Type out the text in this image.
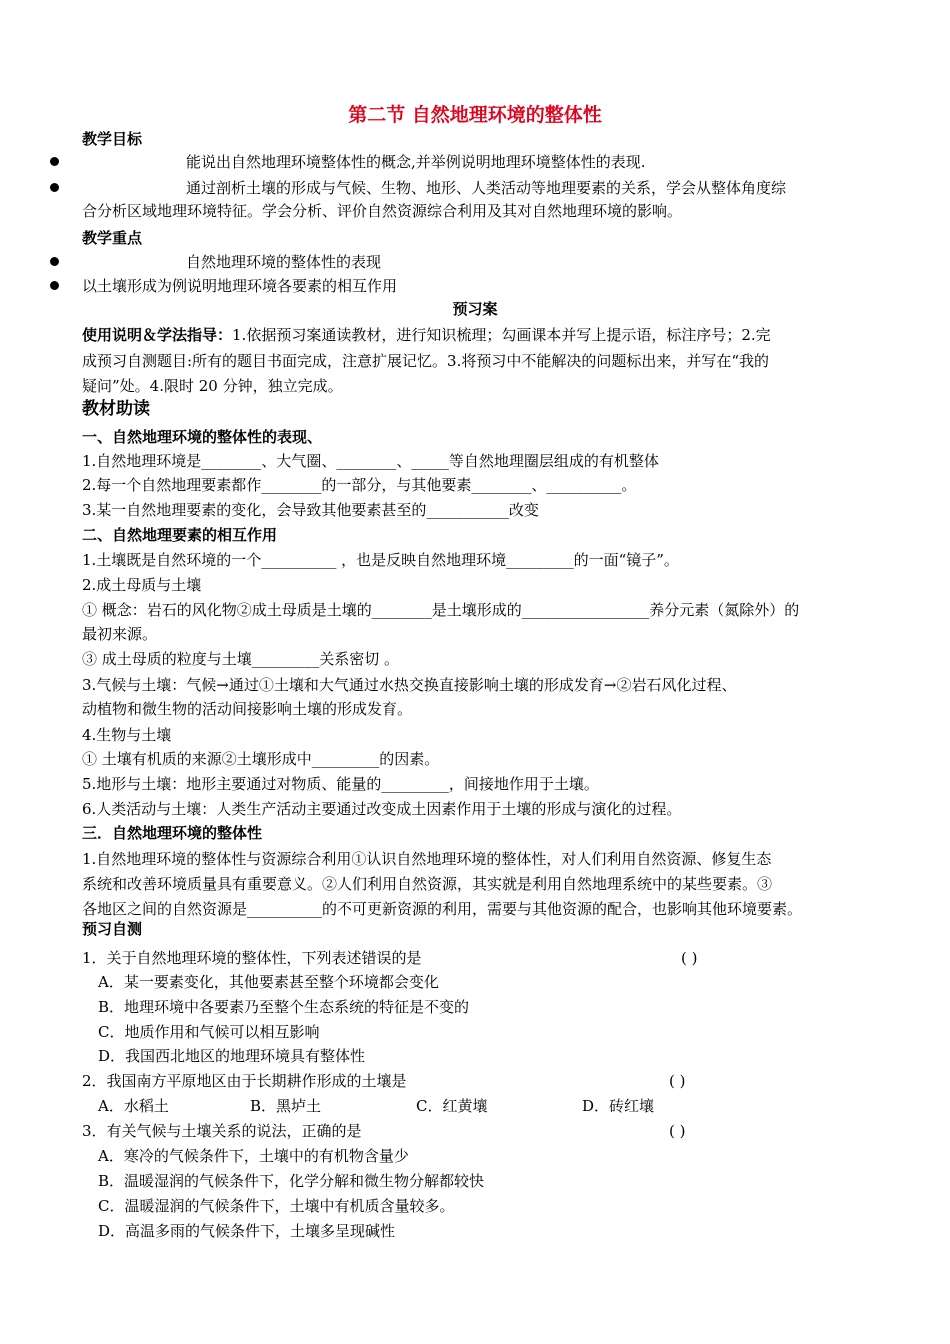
第二节 自然地理环境的整体性
教学目标
能说出自然地理环境整体性的概念,并举例说明地理环境整体性的表现.
通过剖析土壤的形成与气候、生物、地形、人类活动等地理要素的关系，学会从整体角度综
合分析区域地理环境特征。学会分析、评价自然资源综合利用及其对自然地理环境的影响。
教学重点
自然地理环境的整体性的表现
以土壤形成为例说明地理环境各要素的相互作用
预习案
使用说明＆学法指导：1.依据预习案通读教材，进行知识梳理；勾画课本并写上提示语，标注序号；2.完
成预习自测题目:所有的题目书面完成，注意扩展记忆。3.将预习中不能解决的问题标出来，并写在“我的
疑问”处。4.限时 20 分钟，独立完成。
教材助读
一、自然地理环境的整体性的表现、
1.自然地理环境是________、大气圈、________、_____等自然地理圈层组成的有机整体
2.每一个自然地理要素都作________的一部分，与其他要素________、__________。
3.某一自然地理要素的变化，会导致其他要素甚至的___________改变
二、自然地理要素的相互作用
1.土壤既是自然环境的一个__________ ，也是反映自然地理环境_________的一面“镜子”。
2.成土母质与土壤
① 概念：岩石的风化物②成土母质是土壤的________是土壤形成的_________________养分元素（氮除外）的
最初来源。
③ 成土母质的粒度与土壤_________关系密切 。
3.气候与土壤：气候→通过①土壤和大气通过水热交换直接影响土壤的形成发育→②岩石风化过程、
动植物和微生物的活动间接影响土壤的形成发育。
4.生物与土壤
① 土壤有机质的来源②土壤形成中_________的因素。
5.地形与土壤：地形主要通过对物质、能量的_________，间接地作用于土壤。
6.人类活动与土壤：人类生产活动主要通过改变成土因素作用于土壤的形成与演化的过程。
三．自然地理环境的整体性
1.自然地理环境的整体性与资源综合利用①认识自然地理环境的整体性，对人们利用自然资源、修复生态
系统和改善环境质量具有重要意义。②人们利用自然资源，其实就是利用自然地理系统中的某些要素。③
各地区之间的自然资源是__________的不可更新资源的利用，需要与其他资源的配合，也影响其他环境要素。
预习自测
1．关于自然地理环境的整体性，下列表述错误的是	( )
A．某一要素变化，其他要素甚至整个环境都会变化
B．地理环境中各要素乃至整个生态系统的特征是不变的
C．地质作用和气候可以相互影响
D．我国西北地区的地理环境具有整体性
2．我国南方平原地区由于长期耕作形成的土壤是	( )
A．水稻土	B．黑垆土	C．红黄壤	D．砖红壤
3．有关气候与土壤关系的说法，正确的是	( )
A．寒冷的气候条件下，土壤中的有机物含量少
B．温暖湿润的气候条件下，化学分解和微生物分解都较快
C．温暖湿润的气候条件下，土壤中有机质含量较多。
D．高温多雨的气候条件下，土壤多呈现碱性
